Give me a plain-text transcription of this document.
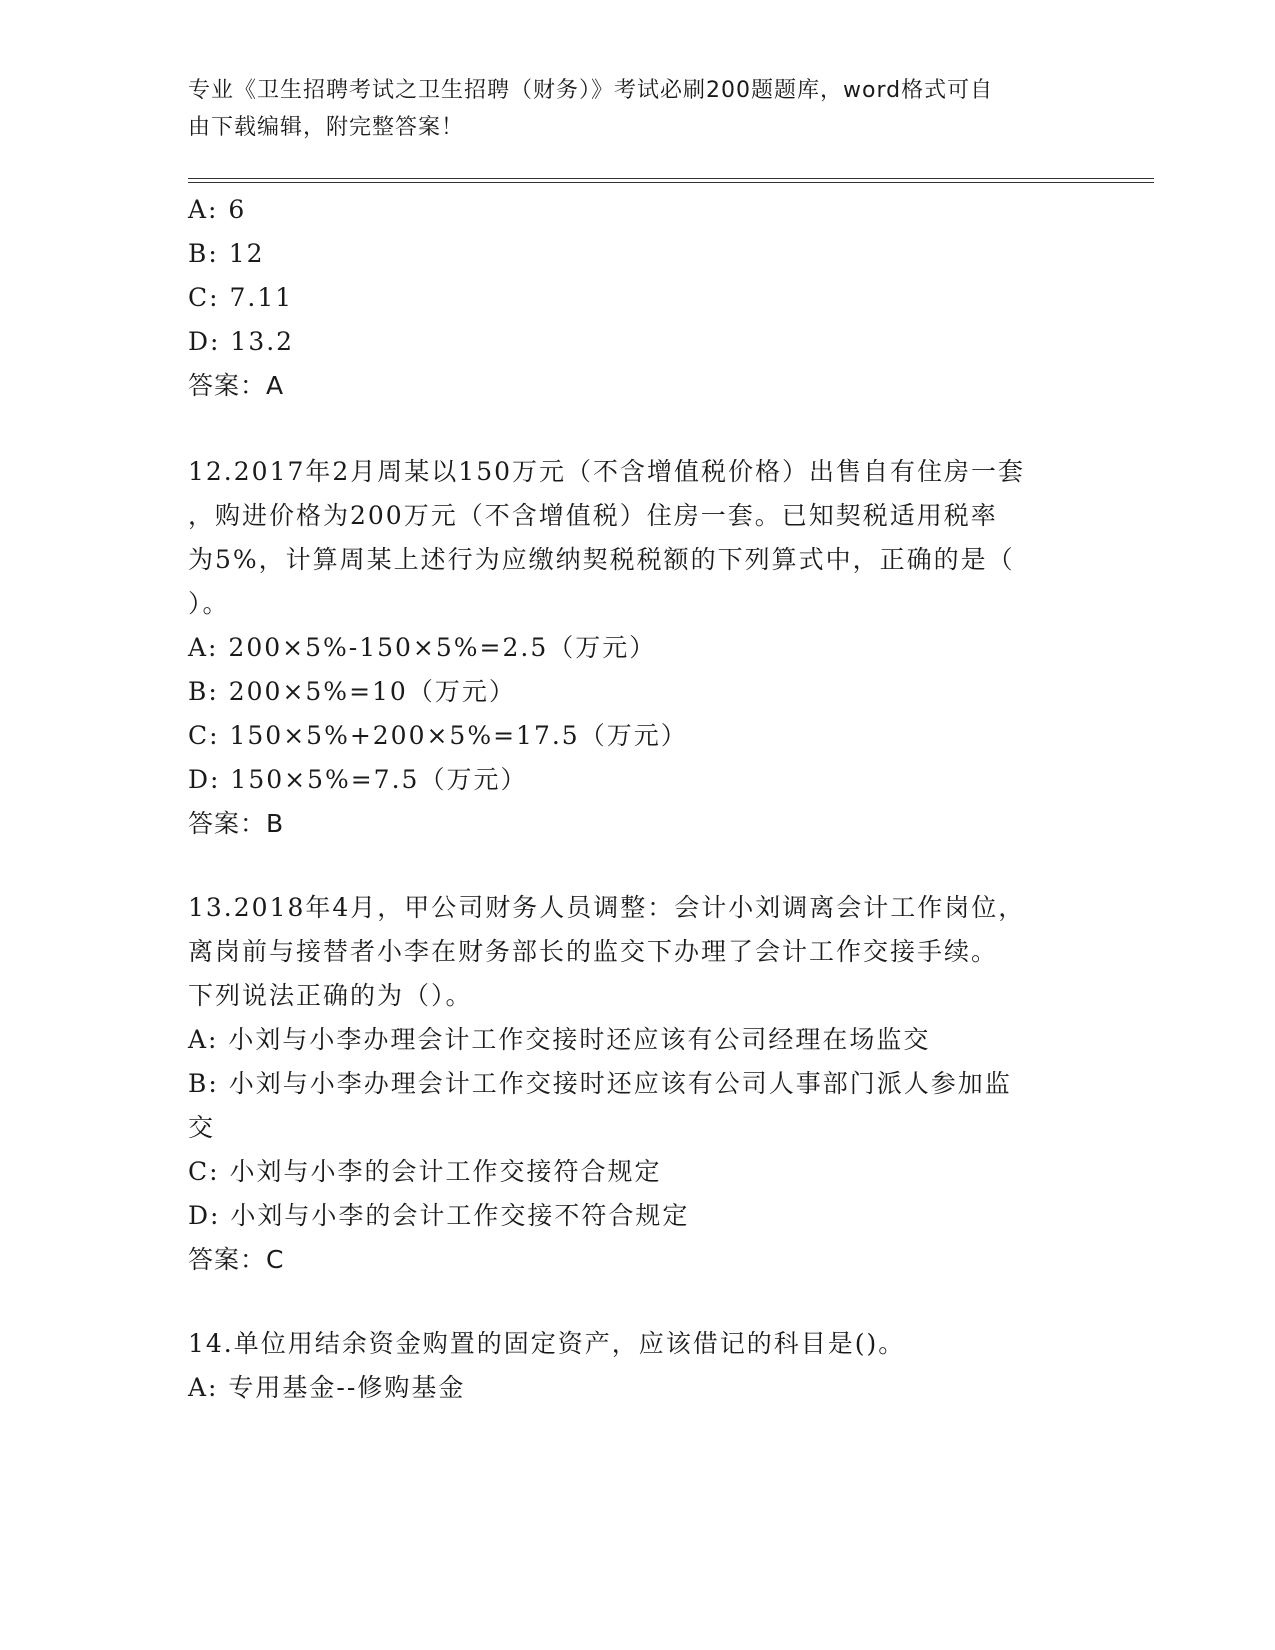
专业《卫生招聘考试之卫生招聘（财务）》考试必刷200题题库，word格式可自
由下载编辑，附完整答案！
A: 6
B: 12
C: 7.11
D: 13.2
答案：A
12.2017年2月周某以150万元（不含增值税价格）出售自有住房一套
，购进价格为200万元（不含增值税）住房一套。已知契税适用税率
为5%，计算周某上述行为应缴纳契税税额的下列算式中，正确的是（
）。
A: 200×5%-150×5%=2.5（万元）
B: 200×5%=10（万元）
C: 150×5%+200×5%=17.5（万元）
D: 150×5%=7.5（万元）
答案：B
13.2018年4月，甲公司财务人员调整：会计小刘调离会计工作岗位，
离岗前与接替者小李在财务部长的监交下办理了会计工作交接手续。
下列说法正确的为（）。
A: 小刘与小李办理会计工作交接时还应该有公司经理在场监交
B: 小刘与小李办理会计工作交接时还应该有公司人事部门派人参加监
交
C: 小刘与小李的会计工作交接符合规定
D: 小刘与小李的会计工作交接不符合规定
答案：C
14.单位用结余资金购置的固定资产，应该借记的科目是()。
A: 专用基金--修购基金
